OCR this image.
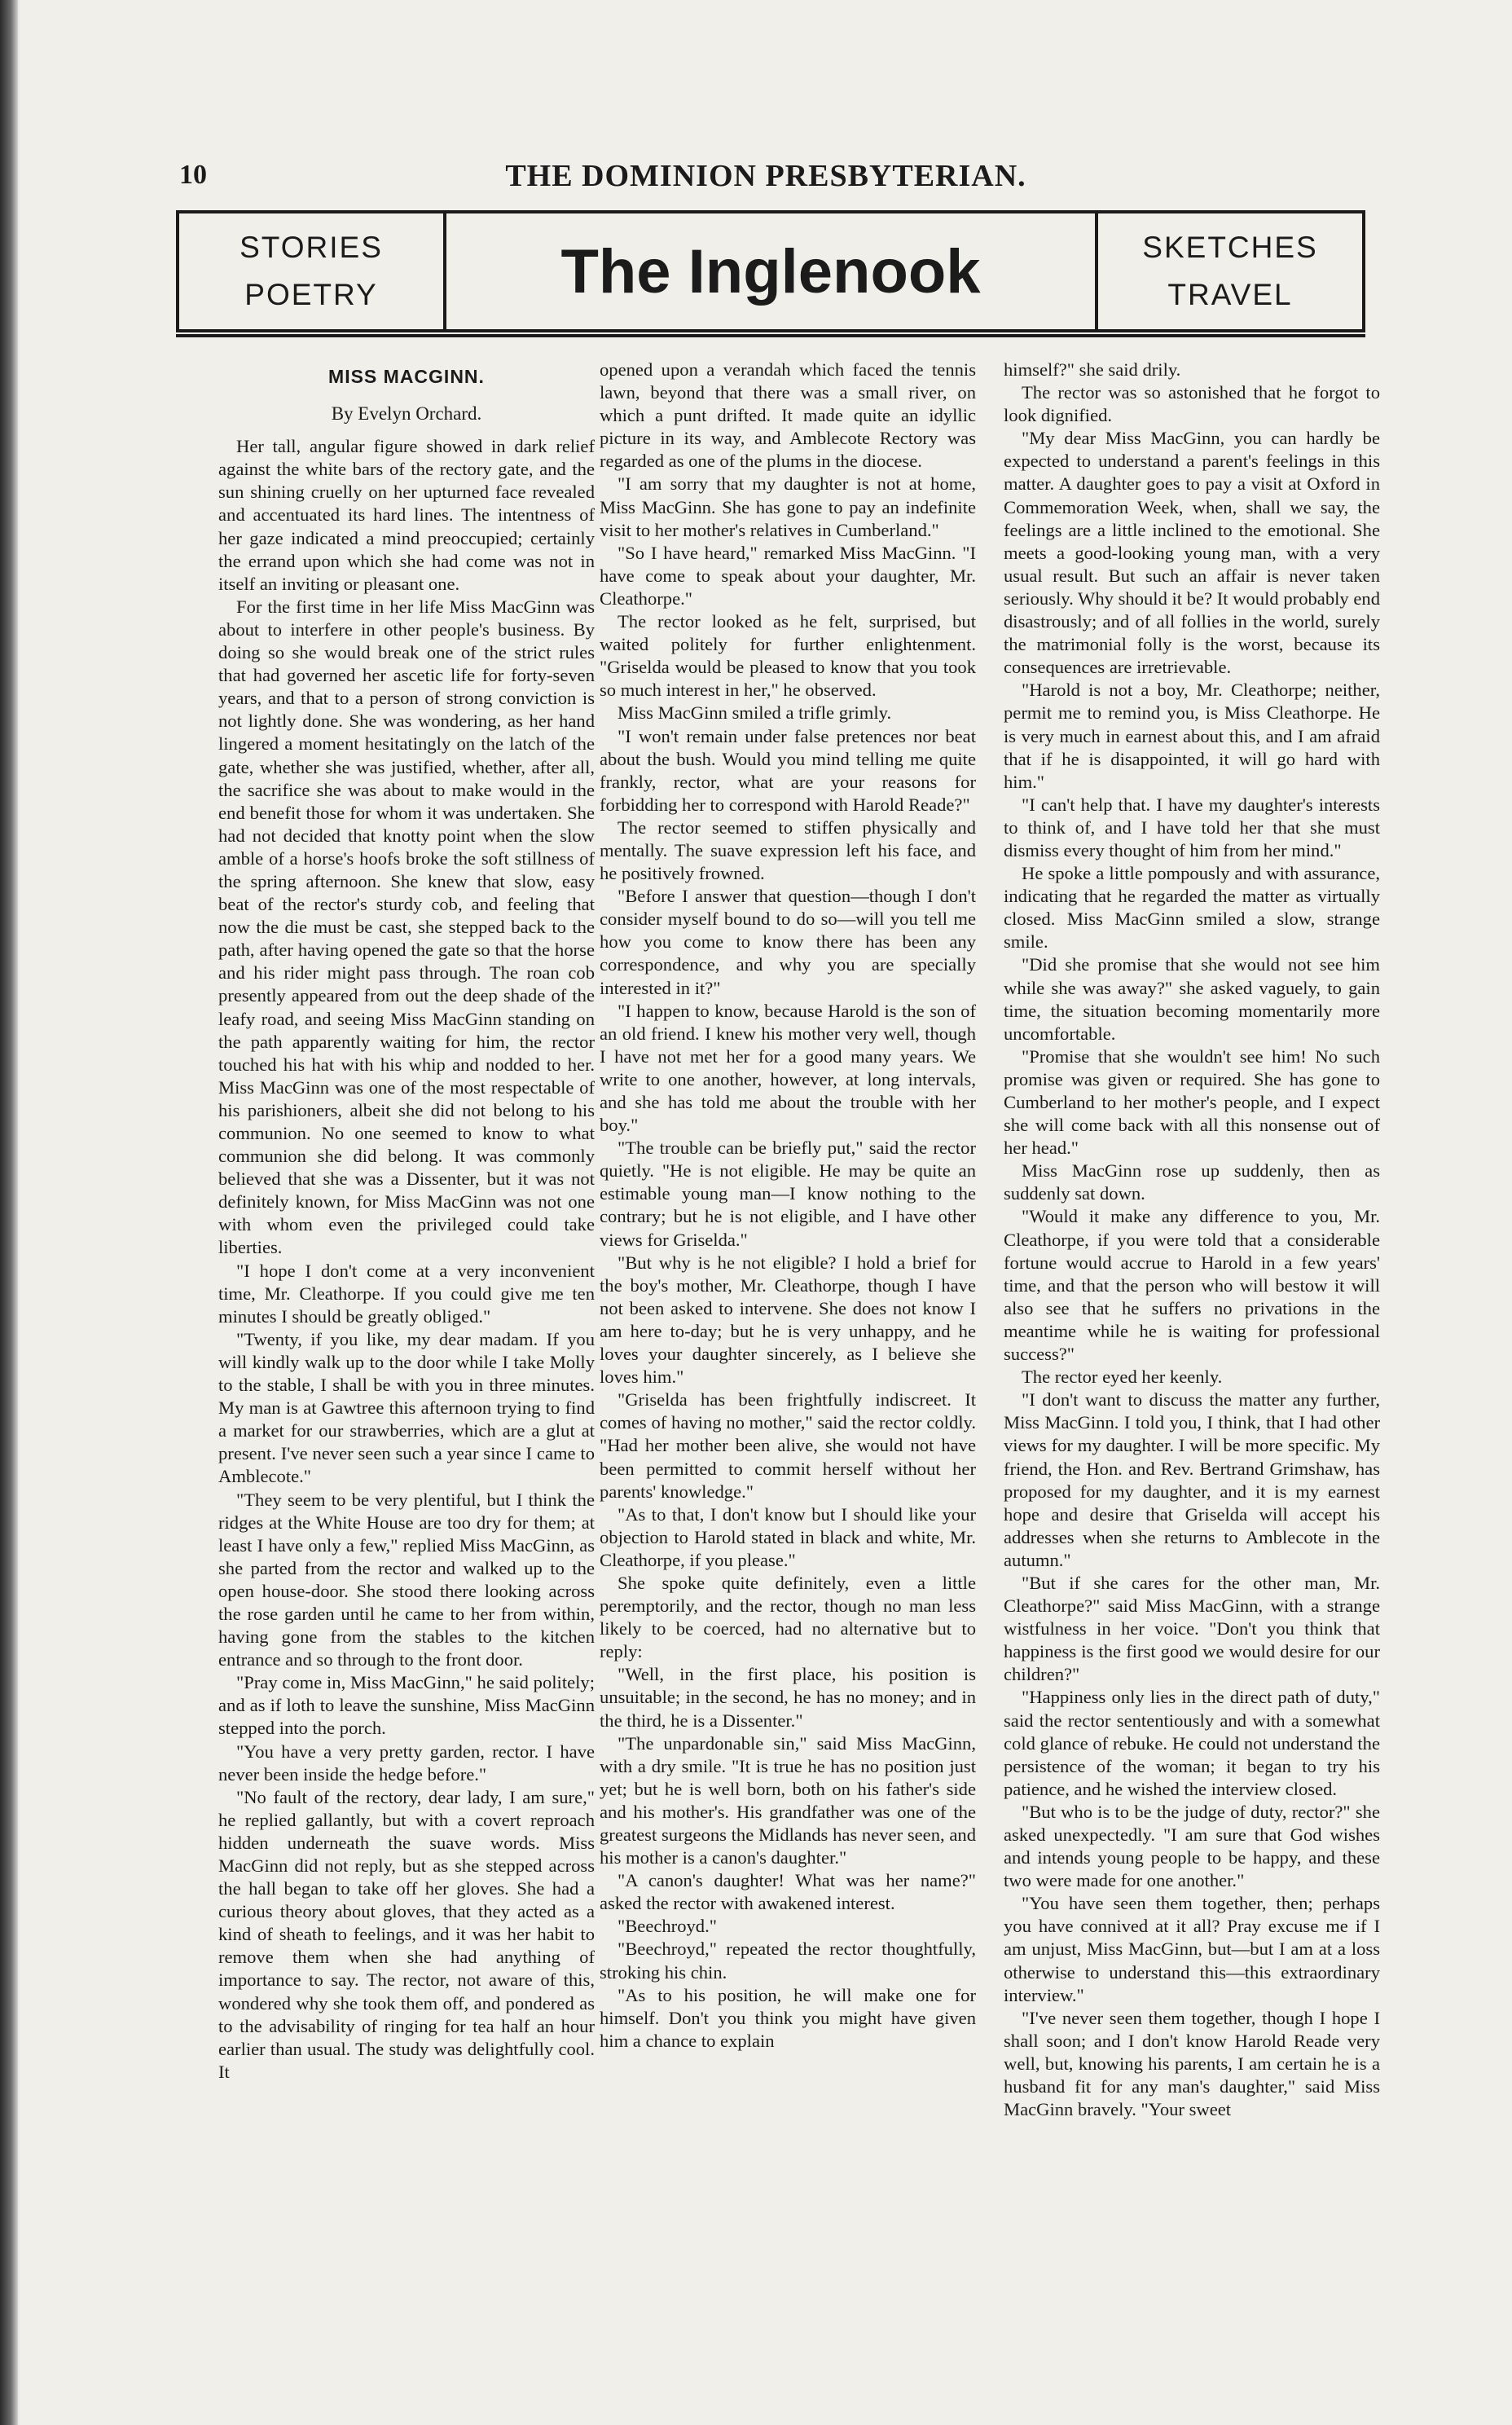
10	THE DOMINION PRESBYTERIAN.
STORIES
POETRY	The Inglenook	SKETCHES
TRAVEL
MISS MACGINN.
By Evelyn Orchard.

Her tall, angular figure showed in dark relief against the white bars of the rectory gate, and the sun shining cruelly on her upturned face revealed and accentuated its hard lines. The intentness of her gaze indicated a mind preoccupied; certainly the errand upon which she had come was not in itself an inviting or pleasant one.

For the first time in her life Miss MacGinn was about to interfere in other people's business. By doing so she would break one of the strict rules that had governed her ascetic life for forty-seven years, and that to a person of strong conviction is not lightly done. She was wondering, as her hand lingered a moment hesitatingly on the latch of the gate, whether she was justified, whether, after all, the sacrifice she was about to make would in the end benefit those for whom it was undertaken. She had not decided that knotty point when the slow amble of a horse's hoofs broke the soft stillness of the spring afternoon. She knew that slow, easy beat of the rector's sturdy cob, and feeling that now the die must be cast, she stepped back to the path, after having opened the gate so that the horse and his rider might pass through. The roan cob presently appeared from out the deep shade of the leafy road, and seeing Miss MacGinn standing on the path apparently waiting for him, the rector touched his hat with his whip and nodded to her. Miss MacGinn was one of the most respectable of his parishioners, albeit she did not belong to his communion. No one seemed to know to what communion she did belong. It was commonly believed that she was a Dissenter, but it was not definitely known, for Miss MacGinn was not one with whom even the privileged could take liberties.

"I hope I don't come at a very inconvenient time, Mr. Cleathorpe. If you could give me ten minutes I should be greatly obliged."

"Twenty, if you like, my dear madam. If you will kindly walk up to the door while I take Molly to the stable, I shall be with you in three minutes. My man is at Gawtree this afternoon trying to find a market for our strawberries, which are a glut at present. I've never seen such a year since I came to Amblecote."

"They seem to be very plentiful, but I think the ridges at the White House are too dry for them; at least I have only a few," replied Miss MacGinn, as she parted from the rector and walked up to the open house-door. She stood there looking across the rose garden until he came to her from within, having gone from the stables to the kitchen entrance and so through to the front door.

"Pray come in, Miss MacGinn," he said politely; and as if loth to leave the sunshine, Miss MacGinn stepped into the porch.

"You have a very pretty garden, rector. I have never been inside the hedge before."

"No fault of the rectory, dear lady, I am sure," he replied gallantly, but with a covert reproach hidden underneath the suave words. Miss MacGinn did not reply, but as she stepped across the hall began to take off her gloves. She had a curious theory about gloves, that they acted as a kind of sheath to feelings, and it was her habit to remove them when she had anything of importance to say. The rector, not aware of this, wondered why she took them off, and pondered as to the advisability of ringing for tea half an hour earlier than usual. The study was delightfully cool. It

opened upon a verandah which faced the tennis lawn, beyond that there was a small river, on which a punt drifted. It made quite an idyllic picture in its way, and Amblecote Rectory was regarded as one of the plums in the diocese.

"I am sorry that my daughter is not at home, Miss MacGinn. She has gone to pay an indefinite visit to her mother's relatives in Cumberland."

"So I have heard," remarked Miss MacGinn. "I have come to speak about your daughter, Mr. Cleathorpe."

The rector looked as he felt, surprised, but waited politely for further enlightenment. "Griselda would be pleased to know that you took so much interest in her," he observed.

Miss MacGinn smiled a trifle grimly.

"I won't remain under false pretences nor beat about the bush. Would you mind telling me quite frankly, rector, what are your reasons for forbidding her to correspond with Harold Reade?"

The rector seemed to stiffen physically and mentally. The suave expression left his face, and he positively frowned.

"Before I answer that question—though I don't consider myself bound to do so—will you tell me how you come to know there has been any correspondence, and why you are specially interested in it?"

"I happen to know, because Harold is the son of an old friend. I knew his mother very well, though I have not met her for a good many years. We write to one another, however, at long intervals, and she has told me about the trouble with her boy."

"The trouble can be briefly put," said the rector quietly. "He is not eligible. He may be quite an estimable young man—I know nothing to the contrary; but he is not eligible, and I have other views for Griselda."

"But why is he not eligible? I hold a brief for the boy's mother, Mr. Cleathorpe, though I have not been asked to intervene. She does not know I am here to-day; but he is very unhappy, and he loves your daughter sincerely, as I believe she loves him."

"Griselda has been frightfully indiscreet. It comes of having no mother," said the rector coldly. "Had her mother been alive, she would not have been permitted to commit herself without her parents' knowledge."

"As to that, I don't know but I should like your objection to Harold stated in black and white, Mr. Cleathorpe, if you please."

She spoke quite definitely, even a little peremptorily, and the rector, though no man less likely to be coerced, had no alternative but to reply:

"Well, in the first place, his position is unsuitable; in the second, he has no money; and in the third, he is a Dissenter."

"The unpardonable sin," said Miss MacGinn, with a dry smile. "It is true he has no position just yet; but he is well born, both on his father's side and his mother's. His grandfather was one of the greatest surgeons the Midlands has never seen, and his mother is a canon's daughter."

"A canon's daughter! What was her name?" asked the rector with awakened interest.

"Beechroyd."

"Beechroyd," repeated the rector thoughtfully, stroking his chin.

"As to his position, he will make one for himself. Don't you think you might have given him a chance to explain

himself?" she said drily.

The rector was so astonished that he forgot to look dignified.

"My dear Miss MacGinn, you can hardly be expected to understand a parent's feelings in this matter. A daughter goes to pay a visit at Oxford in Commemoration Week, when, shall we say, the feelings are a little inclined to the emotional. She meets a good-looking young man, with a very usual result. But such an affair is never taken seriously. Why should it be? It would probably end disastrously; and of all follies in the world, surely the matrimonial folly is the worst, because its consequences are irretrievable.

"Harold is not a boy, Mr. Cleathorpe; neither, permit me to remind you, is Miss Cleathorpe. He is very much in earnest about this, and I am afraid that if he is disappointed, it will go hard with him."

"I can't help that. I have my daughter's interests to think of, and I have told her that she must dismiss every thought of him from her mind."

He spoke a little pompously and with assurance, indicating that he regarded the matter as virtually closed. Miss MacGinn smiled a slow, strange smile.

"Did she promise that she would not see him while she was away?" she asked vaguely, to gain time, the situation becoming momentarily more uncomfortable.

"Promise that she wouldn't see him! No such promise was given or required. She has gone to Cumberland to her mother's people, and I expect she will come back with all this nonsense out of her head."

Miss MacGinn rose up suddenly, then as suddenly sat down.

"Would it make any difference to you, Mr. Cleathorpe, if you were told that a considerable fortune would accrue to Harold in a few years' time, and that the person who will bestow it will also see that he suffers no privations in the meantime while he is waiting for professional success?"

The rector eyed her keenly.

"I don't want to discuss the matter any further, Miss MacGinn. I told you, I think, that I had other views for my daughter. I will be more specific. My friend, the Hon. and Rev. Bertrand Grimshaw, has proposed for my daughter, and it is my earnest hope and desire that Griselda will accept his addresses when she returns to Amblecote in the autumn."

"But if she cares for the other man, Mr. Cleathorpe?" said Miss MacGinn, with a strange wistfulness in her voice. "Don't you think that happiness is the first good we would desire for our children?"

"Happiness only lies in the direct path of duty," said the rector sententiously and with a somewhat cold glance of rebuke. He could not understand the persistence of the woman; it began to try his patience, and he wished the interview closed.

"But who is to be the judge of duty, rector?" she asked unexpectedly. "I am sure that God wishes and intends young people to be happy, and these two were made for one another."

"You have seen them together, then; perhaps you have connived at it all? Pray excuse me if I am unjust, Miss MacGinn, but—but I am at a loss otherwise to understand this—this extraordinary interview."

"I've never seen them together, though I hope I shall soon; and I don't know Harold Reade very well, but, knowing his parents, I am certain he is a husband fit for any man's daughter," said Miss MacGinn bravely. "Your sweet
